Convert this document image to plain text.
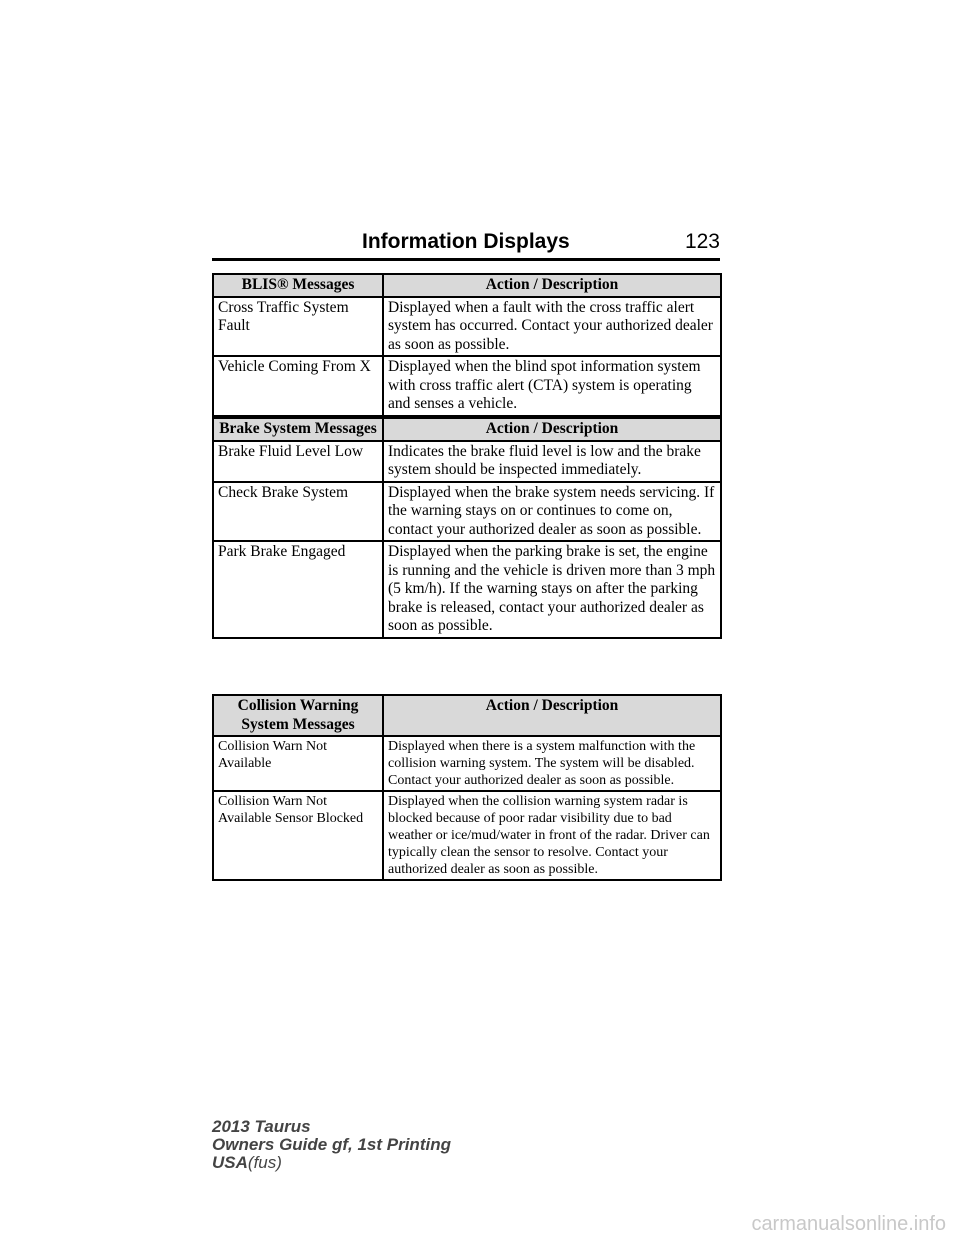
Information Displays	123
BLIS® Messages	Action / Description
Cross Traffic System Fault	Displayed when a fault with the cross traffic alert system has occurred. Contact your authorized dealer as soon as possible.
Vehicle Coming From X	Displayed when the blind spot information system with cross traffic alert (CTA) system is operating and senses a vehicle.
Brake System Messages	Action / Description
Brake Fluid Level Low	Indicates the brake fluid level is low and the brake system should be inspected immediately.
Check Brake System	Displayed when the brake system needs servicing. If the warning stays on or continues to come on, contact your authorized dealer as soon as possible.
Park Brake Engaged	Displayed when the parking brake is set, the engine is running and the vehicle is driven more than 3 mph (5 km/h). If the warning stays on after the parking brake is released, contact your authorized dealer as soon as possible.
Collision Warning System Messages	Action / Description
Collision Warn Not Available	Displayed when there is a system malfunction with the collision warning system. The system will be disabled. Contact your authorized dealer as soon as possible.
Collision Warn Not Available Sensor Blocked	Displayed when the collision warning system radar is blocked because of poor radar visibility due to bad weather or ice/mud/water in front of the radar. Driver can typically clean the sensor to resolve. Contact your authorized dealer as soon as possible.
2013 Taurus
Owners Guide gf, 1st Printing
USA(fus)
carmanualsonline.info
